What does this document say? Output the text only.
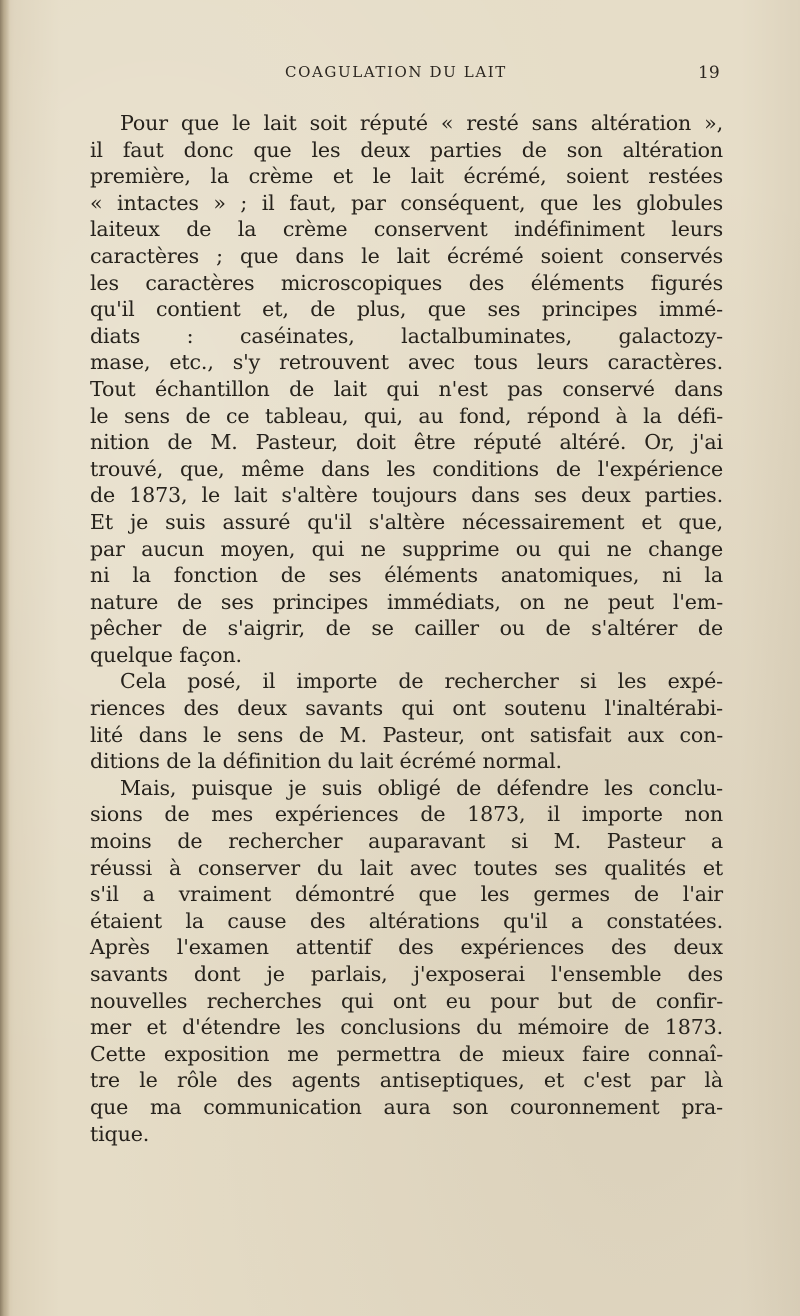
COAGULATION DU LAIT	19
Pour que le lait soit réputé « resté sans altération »,
il faut donc que les deux parties de son altération
première, la crème et le lait écrémé, soient restées
« intactes » ; il faut, par conséquent, que les globules
laiteux de la crème conservent indéfiniment leurs
caractères ; que dans le lait écrémé soient conservés
les caractères microscopiques des éléments figurés
qu'il contient et, de plus, que ses principes immé-
diats : caséinates, lactalbuminates, galactozy-
mase, etc., s'y retrouvent avec tous leurs caractères.
Tout échantillon de lait qui n'est pas conservé dans
le sens de ce tableau, qui, au fond, répond à la défi-
nition de M. Pasteur, doit être réputé altéré. Or, j'ai
trouvé, que, même dans les conditions de l'expérience
de 1873, le lait s'altère toujours dans ses deux parties.
Et je suis assuré qu'il s'altère nécessairement et que,
par aucun moyen, qui ne supprime ou qui ne change
ni la fonction de ses éléments anatomiques, ni la
nature de ses principes immédiats, on ne peut l'em-
pêcher de s'aigrir, de se cailler ou de s'altérer de
quelque façon.
Cela posé, il importe de rechercher si les expé-
riences des deux savants qui ont soutenu l'inaltérabi-
lité dans le sens de M. Pasteur, ont satisfait aux con-
ditions de la définition du lait écrémé normal.
Mais, puisque je suis obligé de défendre les conclu-
sions de mes expériences de 1873, il importe non
moins de rechercher auparavant si M. Pasteur a
réussi à conserver du lait avec toutes ses qualités et
s'il a vraiment démontré que les germes de l'air
étaient la cause des altérations qu'il a constatées.
Après l'examen attentif des expériences des deux
savants dont je parlais, j'exposerai l'ensemble des
nouvelles recherches qui ont eu pour but de confir-
mer et d'étendre les conclusions du mémoire de 1873.
Cette exposition me permettra de mieux faire connaî-
tre le rôle des agents antiseptiques, et c'est par là
que ma communication aura son couronnement pra-
tique.
